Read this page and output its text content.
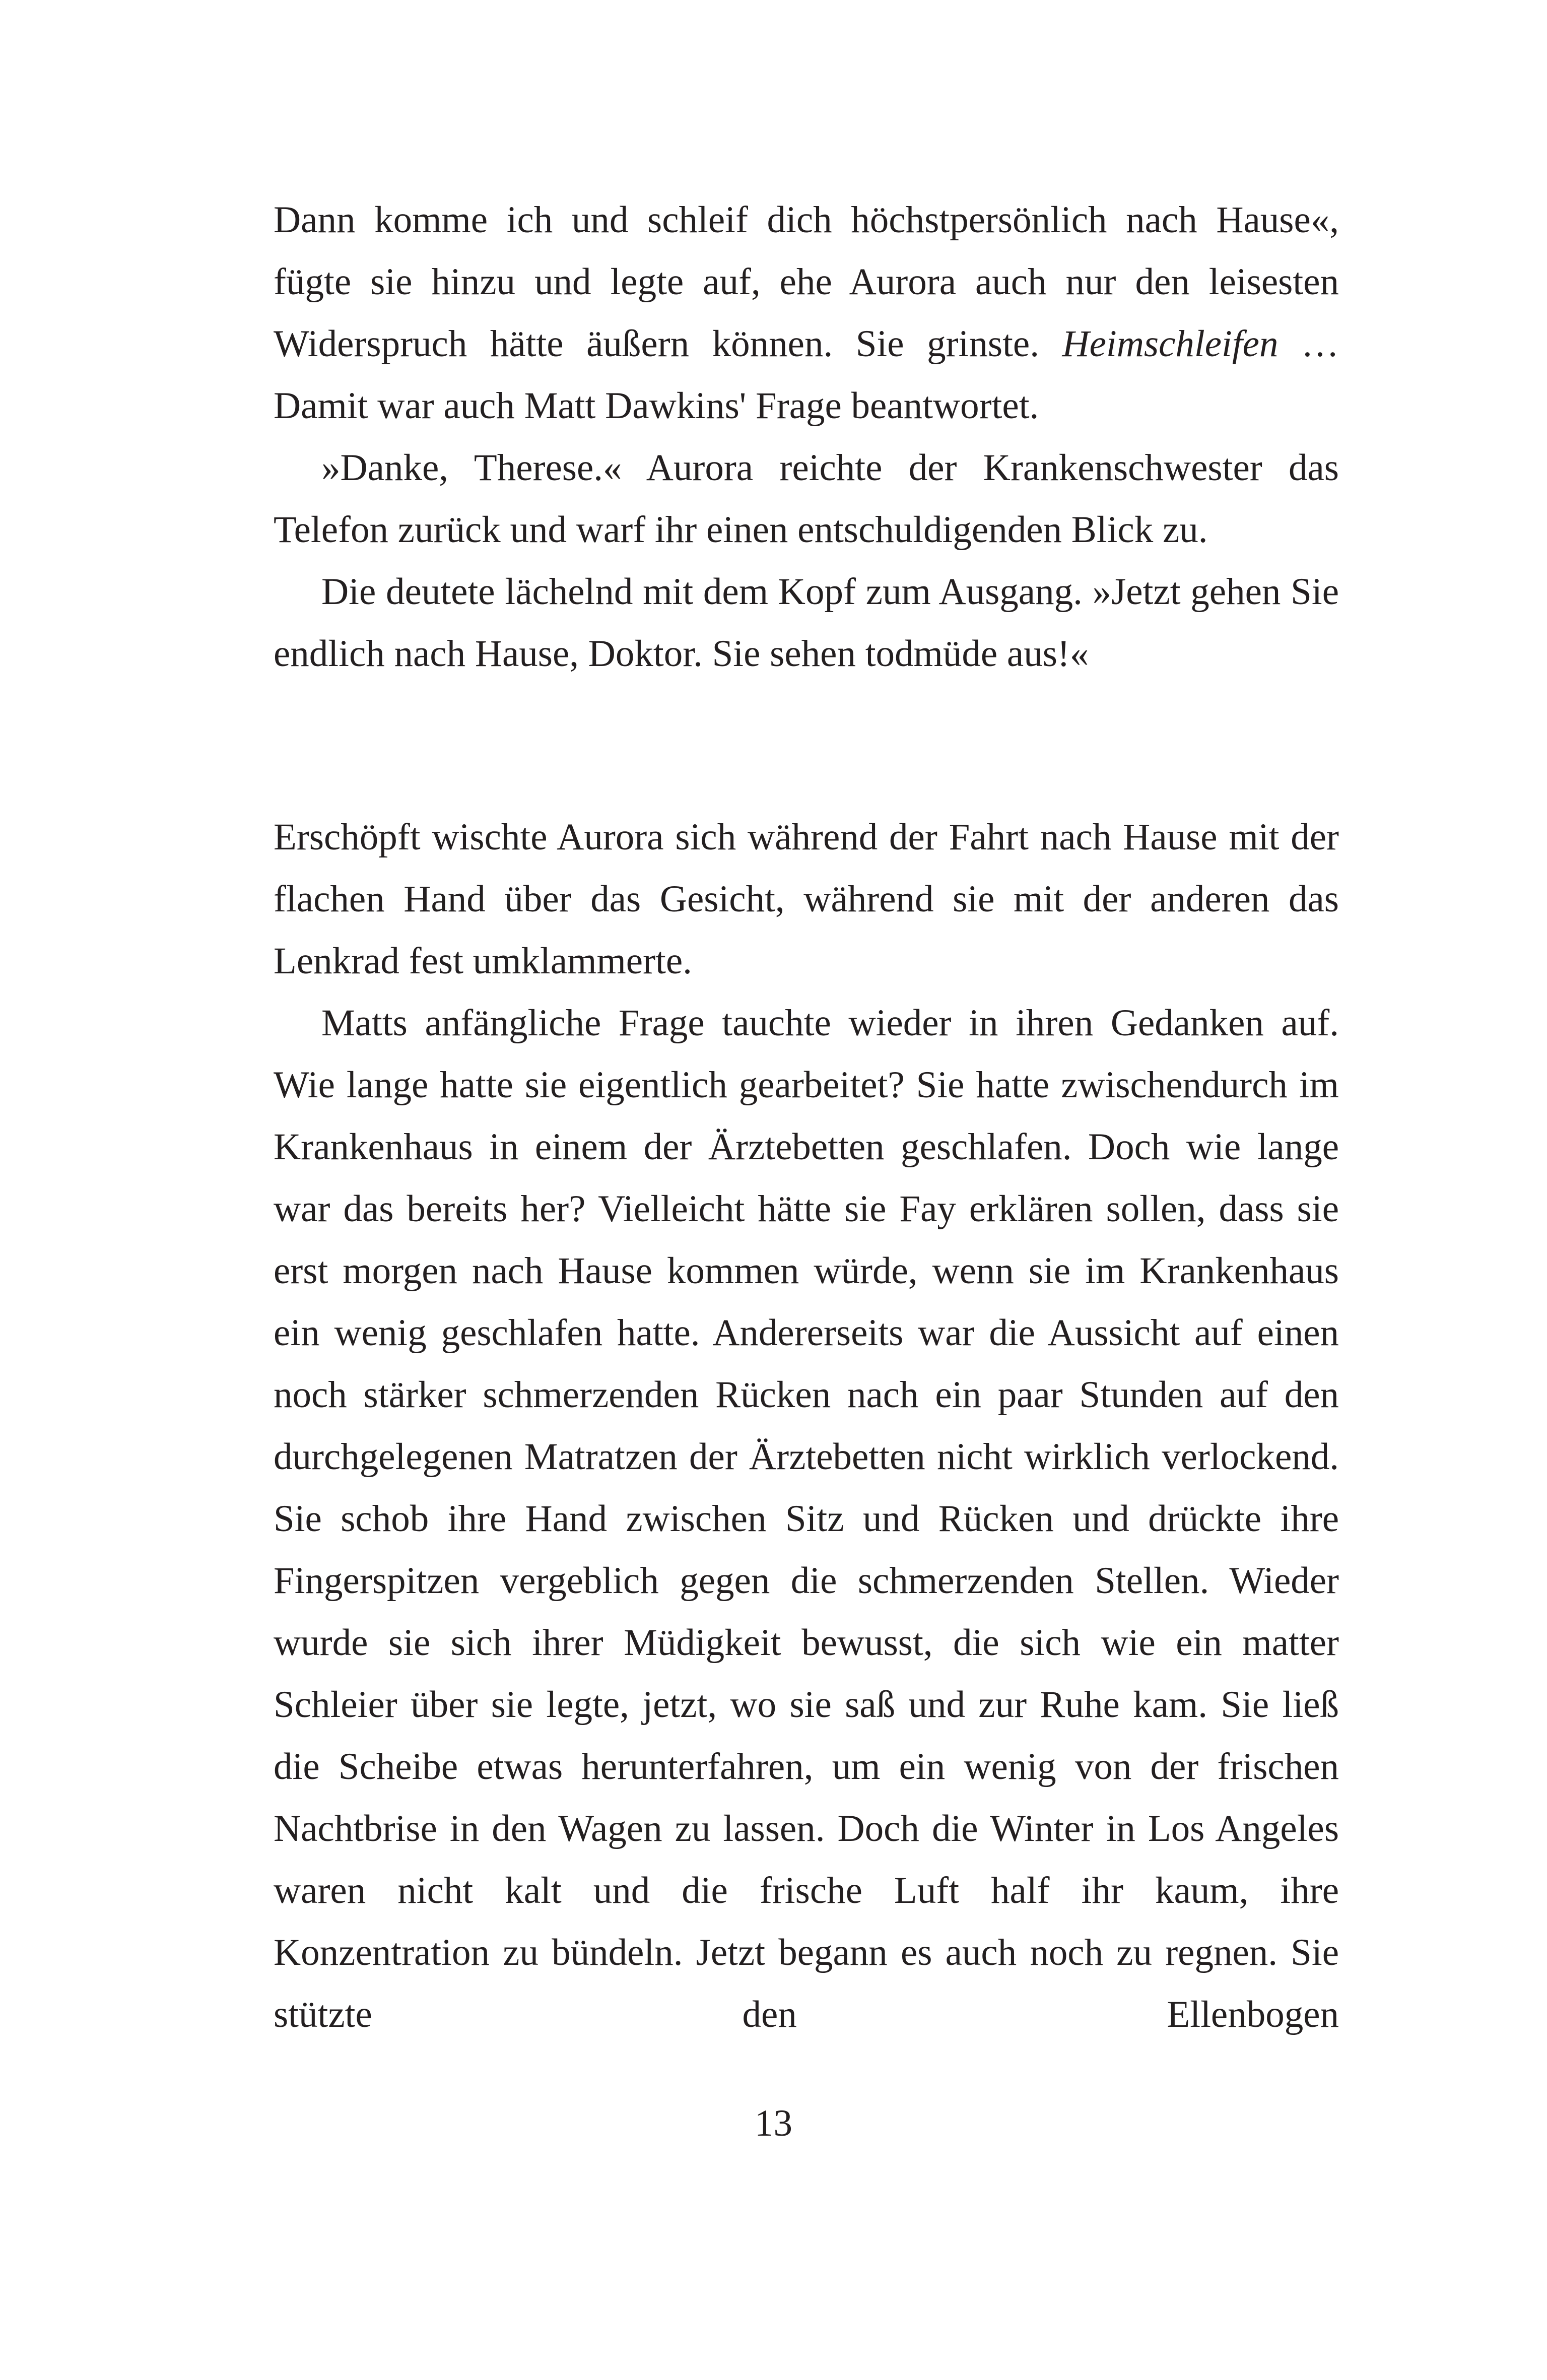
Dann komme ich und schleif dich höchstpersönlich nach Hause«, fügte sie hinzu und legte auf, ehe Aurora auch nur den leisesten Widerspruch hätte äußern können. Sie grinste. Heimschleifen … Damit war auch Matt Dawkins' Frage beantwortet.

»Danke, Therese.« Aurora reichte der Krankenschwester das Telefon zurück und warf ihr einen entschuldigenden Blick zu.

Die deutete lächelnd mit dem Kopf zum Ausgang. »Jetzt gehen Sie endlich nach Hause, Doktor. Sie sehen todmüde aus!«

Erschöpft wischte Aurora sich während der Fahrt nach Hause mit der flachen Hand über das Gesicht, während sie mit der anderen das Lenkrad fest umklammerte.

Matts anfängliche Frage tauchte wieder in ihren Gedanken auf. Wie lange hatte sie eigentlich gearbeitet? Sie hatte zwischendurch im Krankenhaus in einem der Ärztebetten geschlafen. Doch wie lange war das bereits her? Vielleicht hätte sie Fay erklären sollen, dass sie erst morgen nach Hause kommen würde, wenn sie im Krankenhaus ein wenig geschlafen hatte. Andererseits war die Aussicht auf einen noch stärker schmerzenden Rücken nach ein paar Stunden auf den durchgelegenen Matratzen der Ärztebetten nicht wirklich verlockend. Sie schob ihre Hand zwischen Sitz und Rücken und drückte ihre Fingerspitzen vergeblich gegen die schmerzenden Stellen. Wieder wurde sie sich ihrer Müdigkeit bewusst, die sich wie ein matter Schleier über sie legte, jetzt, wo sie saß und zur Ruhe kam. Sie ließ die Scheibe etwas herunterfahren, um ein wenig von der frischen Nachtbrise in den Wagen zu lassen. Doch die Winter in Los Angeles waren nicht kalt und die frische Luft half ihr kaum, ihre Konzentration zu bündeln. Jetzt begann es auch noch zu regnen. Sie stützte den Ellenbogen

13
